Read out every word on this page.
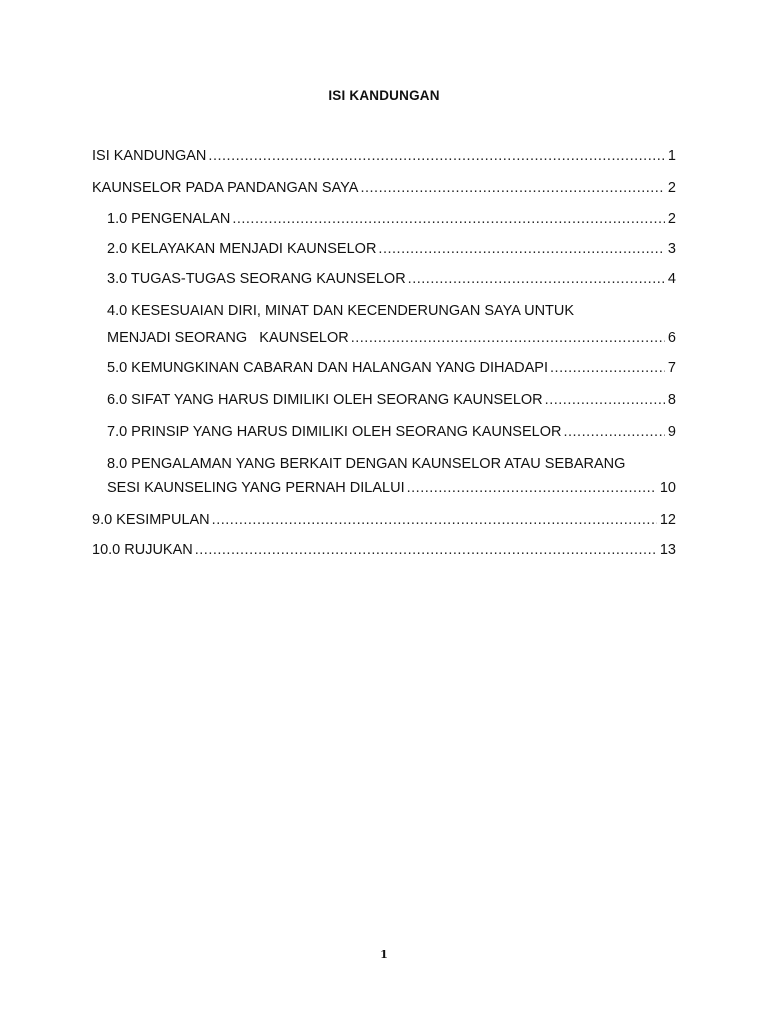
ISI KANDUNGAN
ISI KANDUNGAN .....	1
KAUNSELOR PADA PANDANGAN SAYA .....	2
1.0 PENGENALAN .....	2
2.0 KELAYAKAN MENJADI KAUNSELOR .....	3
3.0 TUGAS-TUGAS SEORANG KAUNSELOR .....	4
4.0 KESESUAIAN DIRI, MINAT DAN KECENDERUNGAN SAYA UNTUK
MENJADI SEORANG   KAUNSELOR .....	6
5.0 KEMUNGKINAN CABARAN DAN HALANGAN YANG DIHADAPI .....	7
6.0 SIFAT YANG HARUS DIMILIKI OLEH SEORANG KAUNSELOR .....	8
7.0 PRINSIP YANG HARUS DIMILIKI OLEH SEORANG KAUNSELOR .....	9
8.0 PENGALAMAN YANG BERKAIT DENGAN KAUNSELOR ATAU SEBARANG
SESI KAUNSELING YANG PERNAH DILALUI .....	10
9.0 KESIMPULAN .....	12
10.0 RUJUKAN .....	13
1
